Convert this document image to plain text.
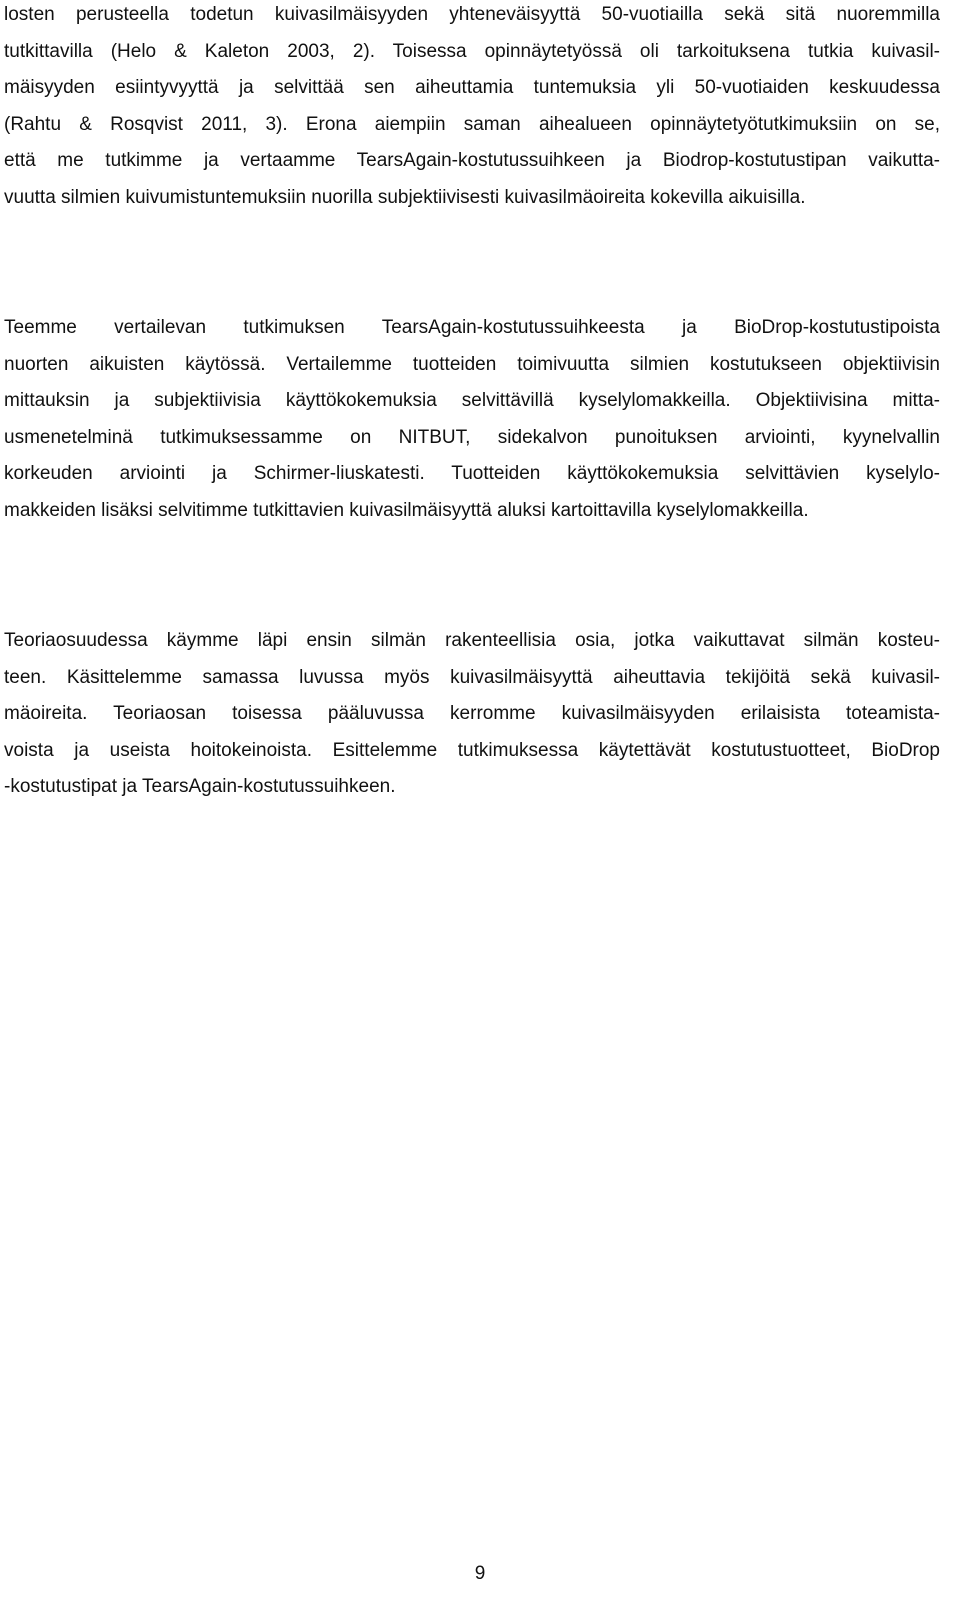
losten perusteella todetun kuivasilmäisyyden yhteneväisyyttä 50-vuotiailla sekä sitä nuoremmilla
tutkittavilla (Helo & Kaleton 2003, 2). Toisessa opinnäytetyössä oli tarkoituksena tutkia kuivasil-
mäisyyden esiintyvyyttä ja selvittää sen aiheuttamia tuntemuksia yli 50-vuotiaiden keskuudessa
(Rahtu & Rosqvist 2011, 3). Erona aiempiin saman aihealueen opinnäytetyötutkimuksiin on se,
että me tutkimme ja vertaamme TearsAgain-kostutussuihkeen ja Biodrop-kostutustipan vaikutta-
vuutta silmien kuivumistuntemuksiin nuorilla subjektiivisesti kuivasilmäoireita kokevilla aikuisilla.
Teemme vertailevan tutkimuksen TearsAgain-kostutussuihkeesta ja BioDrop-kostutustipoista
nuorten aikuisten käytössä. Vertailemme tuotteiden toimivuutta silmien kostutukseen objektiivisin
mittauksin ja subjektiivisia käyttökokemuksia selvittävillä kyselylomakkeilla. Objektiivisina mitta-
usmenetelminä tutkimuksessamme on NITBUT, sidekalvon punoituksen arviointi, kyynelvallin
korkeuden arviointi ja Schirmer-liuskatesti. Tuotteiden käyttökokemuksia selvittävien kyselylo-
makkeiden lisäksi selvitimme tutkittavien kuivasilmäisyyttä aluksi kartoittavilla kyselylomakkeilla.
Teoriaosuudessa käymme läpi ensin silmän rakenteellisia osia, jotka vaikuttavat silmän kosteu-
teen. Käsittelemme samassa luvussa myös kuivasilmäisyyttä aiheuttavia tekijöitä sekä kuivasil-
mäoireita. Teoriaosan toisessa pääluvussa kerromme kuivasilmäisyyden erilaisista toteamista-
voista ja useista hoitokeinoista. Esittelemme tutkimuksessa käytettävät kostutustuotteet, BioDrop
-kostutustipat ja TearsAgain-kostutussuihkeen.
9
